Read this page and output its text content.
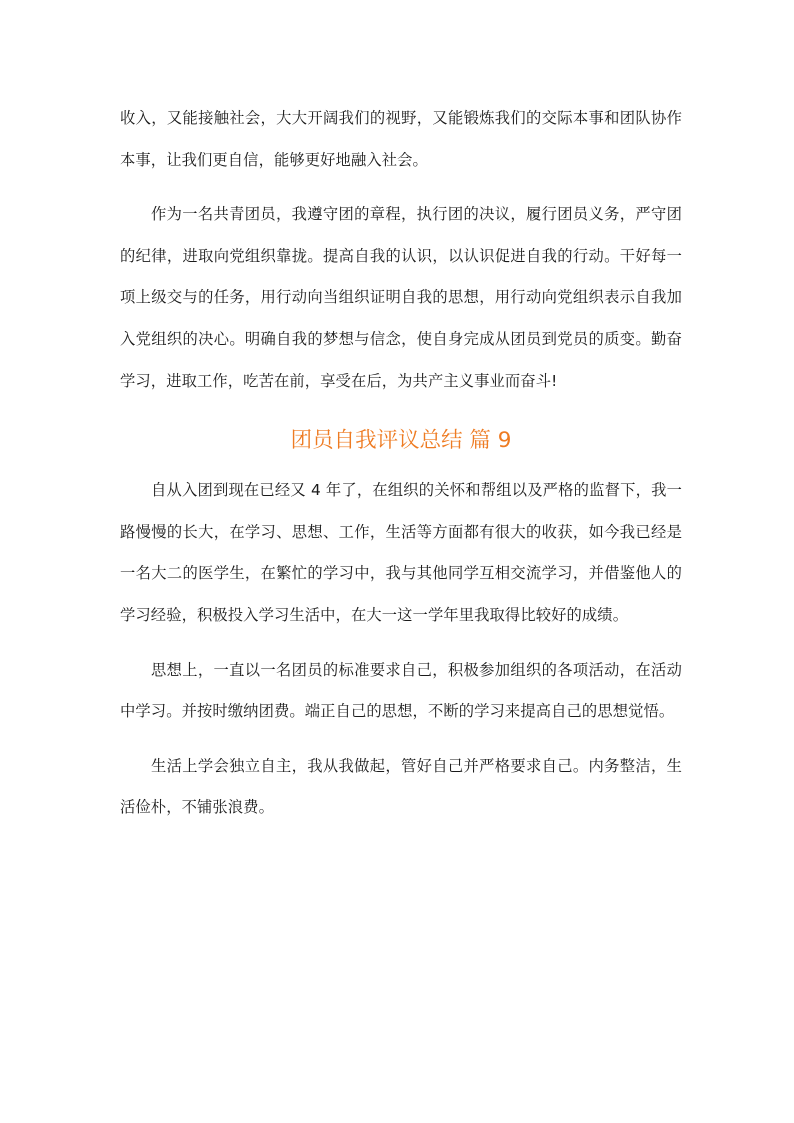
收入，又能接触社会，大大开阔我们的视野，又能锻炼我们的交际本事和团队协作本事，让我们更自信，能够更好地融入社会。

作为一名共青团员，我遵守团的章程，执行团的决议，履行团员义务，严守团的纪律，进取向党组织靠拢。提高自我的认识，以认识促进自我的行动。干好每一项上级交与的任务，用行动向当组织证明自我的思想，用行动向党组织表示自我加入党组织的决心。明确自我的梦想与信念，使自身完成从团员到党员的质变。勤奋学习，进取工作，吃苦在前，享受在后，为共产主义事业而奋斗!

团员自我评议总结 篇 9

自从入团到现在已经又 4 年了，在组织的关怀和帮组以及严格的监督下，我一路慢慢的长大，在学习、思想、工作，生活等方面都有很大的收获，如今我已经是一名大二的医学生，在繁忙的学习中，我与其他同学互相交流学习，并借鉴他人的学习经验，积极投入学习生活中，在大一这一学年里我取得比较好的成绩。

思想上，一直以一名团员的标准要求自己，积极参加组织的各项活动，在活动中学习。并按时缴纳团费。端正自己的思想，不断的学习来提高自己的思想觉悟。

生活上学会独立自主，我从我做起，管好自己并严格要求自己。内务整洁，生活俭朴，不铺张浪费。
